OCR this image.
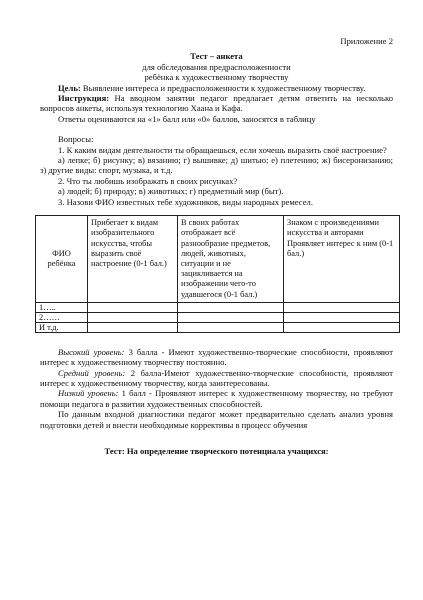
Приложение 2

Тест – анкета

для обследования предрасположенности

ребёнка к художественному творчеству

Цель: Выявление интереса и предрасположенности к художественному творчеству.

Инструкция: На вводном занятии педагог предлагает детям ответить на несколько вопросов анкеты, используя технологию Хаана и Кафа.

Ответы оцениваются на «1» балл или «0» баллов, заносятся в таблицу

Вопросы:

1. К каким видам деятельности ты обращаешься, если хочешь выразить своё настроение?

а) лепке; б) рисунку; в) вязанию; г) вышивке; д) шитью; е) плетению; ж) бисеронизанию; з) другие виды: спорт, музыка, и т.д.

2. Что ты любишь изображать в своих рисунках?

а) людей; б) природу; в) животных; г) предметный мир (быт).

3. Назови ФИО известных тебе художников, виды народных ремесел.

ФИО ребёнка	Прибегает к видам изобразительного искусства, чтобы выразить своё настроение (0-1 бал.)	В своих работах отображает всё разнообразие предметов, людей, животных, ситуации и не зацикливается на изображении чего-то удавшегося (0-1 бал.)	Знаком с произведениями искусства и авторами Проявляет интерес к ним (0-1 бал.)
1…..			
2……			
И т.д.			

Высокий уровень: 3 балла - Имеют художественно-творческие способности, проявляют интерес к художественному творчеству постоянно.

Средний уровень: 2 балла-Имеют художественно-творческие способности, проявляют интерес к художественному творчеству, когда заинтересованы.

Низкий уровень: 1 балл - Проявляют интерес к художественному творчеству, но требуют помощи педагога в развитии художественных способностей.

По данным входной диагностики педагог может предварительно сделать анализ уровня подготовки детей и внести необходимые коррективы в процесс обучения

Тест: На определение творческого потенциала учащихся:
